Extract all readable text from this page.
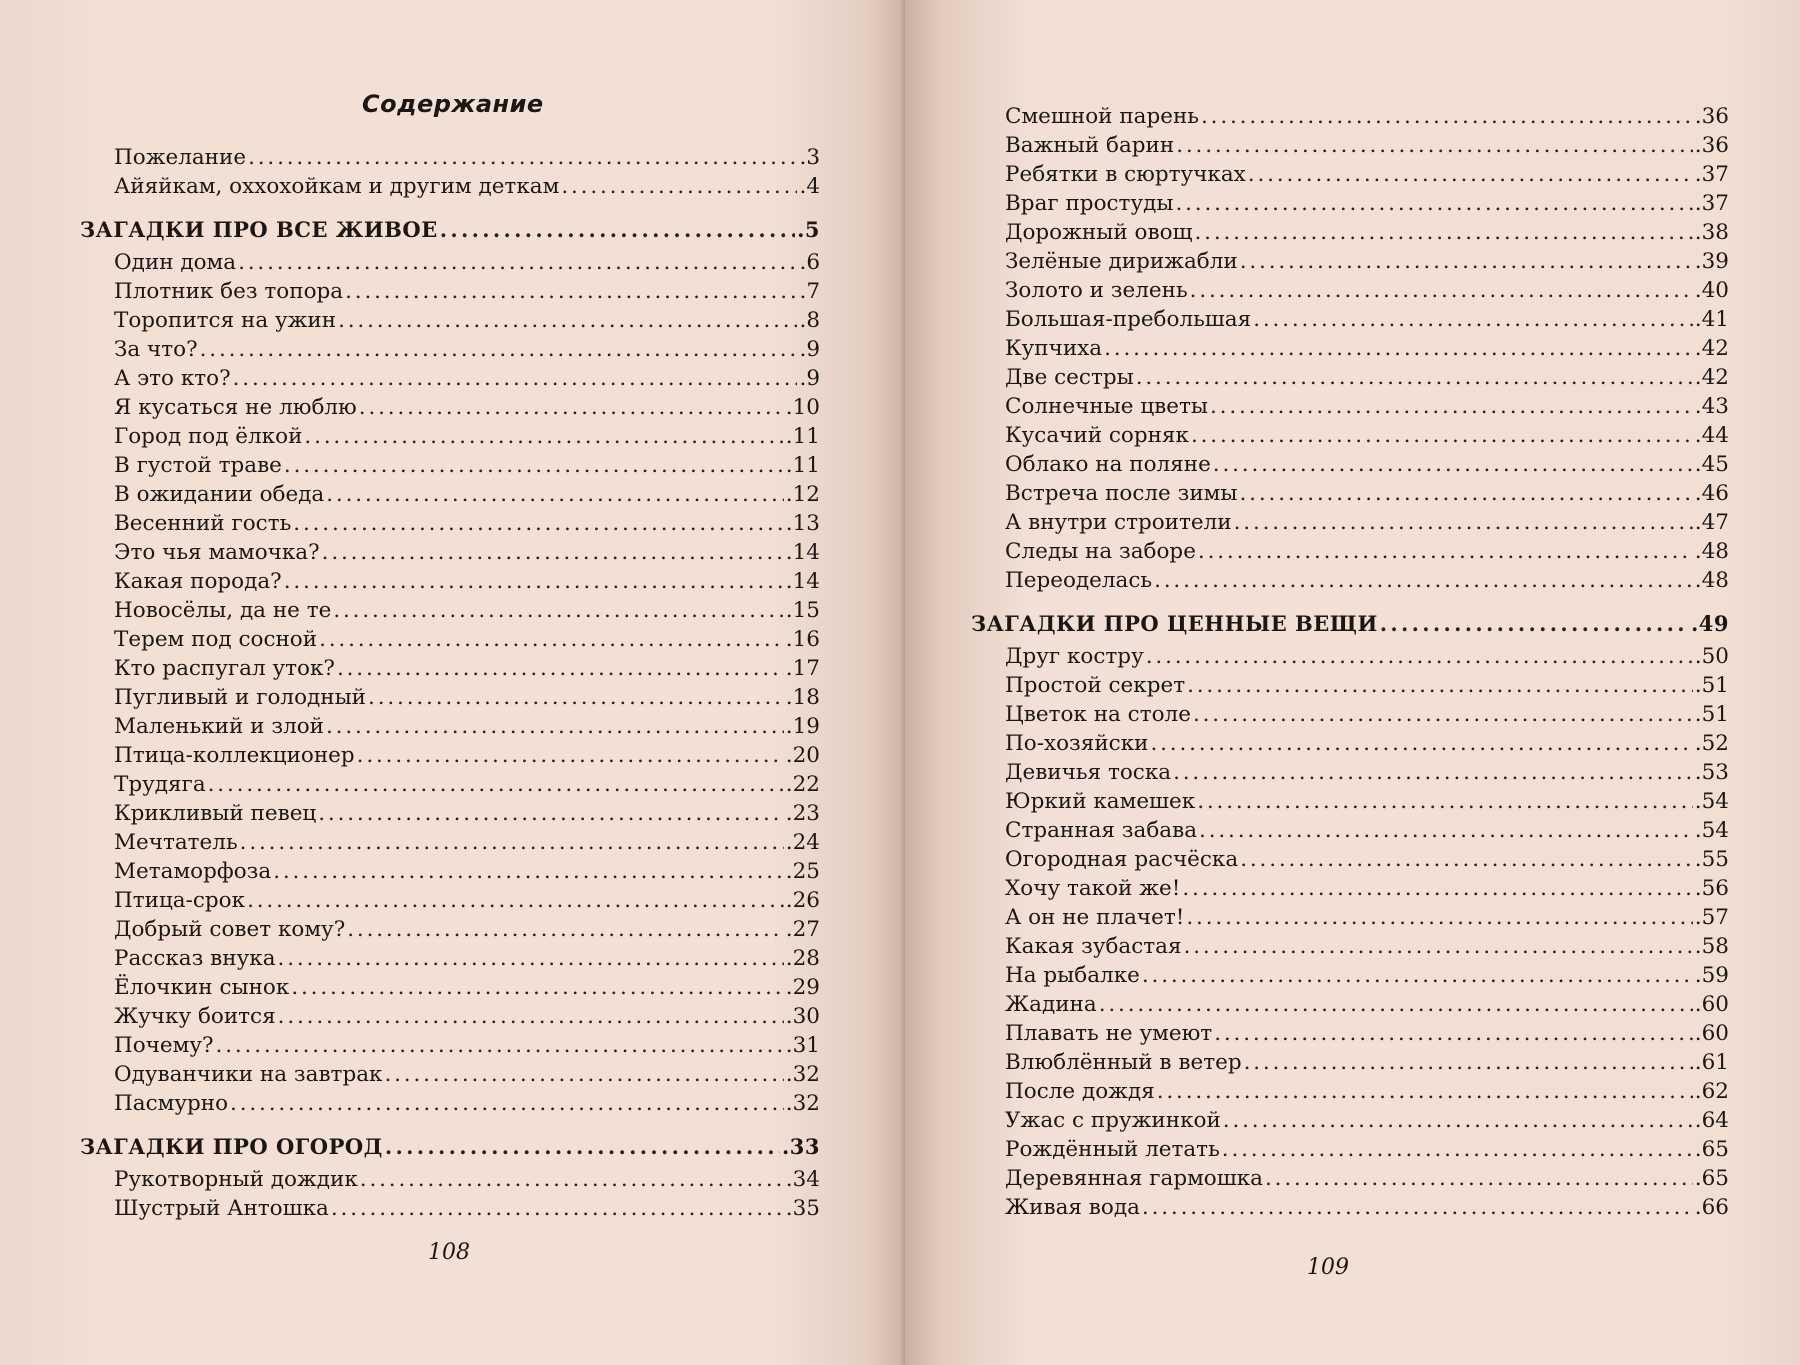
Содержание
Пожелание . . .	.3
Айяйкам, оххохойкам и другим деткам . . .	.4
ЗАГАДКИ ПРО ВСЕ ЖИВОЕ . . .	.5
Один дома . . .	.6
Плотник без топора . . .	.7
Торопится на ужин . . .	.8
За что? . . .	.9
А это кто? . . .	.9
Я кусаться не люблю . . .	.10
Город под ёлкой . . .	.11
В густой траве . . .	.11
В ожидании обеда . . .	.12
Весенний гость . . .	.13
Это чья мамочка? . . .	.14
Какая порода? . . .	.14
Новосёлы, да не те . . .	.15
Терем под сосной . . .	.16
Кто распугал уток? . . .	.17
Пугливый и голодный . . .	.18
Маленький и злой . . .	.19
Птица-коллекционер . . .	.20
Трудяга . . .	.22
Крикливый певец . . .	.23
Мечтатель . . .	.24
Метаморфоза . . .	.25
Птица-срок . . .	.26
Добрый совет кому? . . .	.27
Рассказ внука . . .	.28
Ёлочкин сынок . . .	.29
Жучку боится . . .	.30
Почему? . . .	.31
Одуванчики на завтрак . . .	.32
Пасмурно . . .	.32
ЗАГАДКИ ПРО ОГОРОД . . .	.33
Рукотворный дождик . . .	.34
Шустрый Антошка . . .	.35
108
Смешной парень . . .	.36
Важный барин . . .	.36
Ребятки в сюртучках . . .	.37
Враг простуды . . .	.37
Дорожный овощ . . .	.38
Зелёные дирижабли . . .	.39
Золото и зелень . . .	.40
Большая-пребольшая . . .	.41
Купчиха . . .	.42
Две сестры . . .	.42
Солнечные цветы . . .	.43
Кусачий сорняк . . .	.44
Облако на поляне . . .	.45
Встреча после зимы . . .	.46
А внутри строители . . .	.47
Следы на заборе . . .	.48
Переоделась . . .	.48
ЗАГАДКИ ПРО ЦЕННЫЕ ВЕЩИ . . .	.49
Друг костру . . .	.50
Простой секрет . . .	.51
Цветок на столе . . .	.51
По-хозяйски . . .	.52
Девичья тоска . . .	.53
Юркий камешек . . .	.54
Странная забава . . .	.54
Огородная расчёска . . .	.55
Хочу такой же! . . .	.56
А он не плачет! . . .	.57
Какая зубастая . . .	.58
На рыбалке . . .	.59
Жадина . . .	.60
Плавать не умеют . . .	.60
Влюблённый в ветер . . .	.61
После дождя . . .	.62
Ужас с пружинкой . . .	.64
Рождённый летать . . .	.65
Деревянная гармошка . . .	.65
Живая вода . . .	.66
109
